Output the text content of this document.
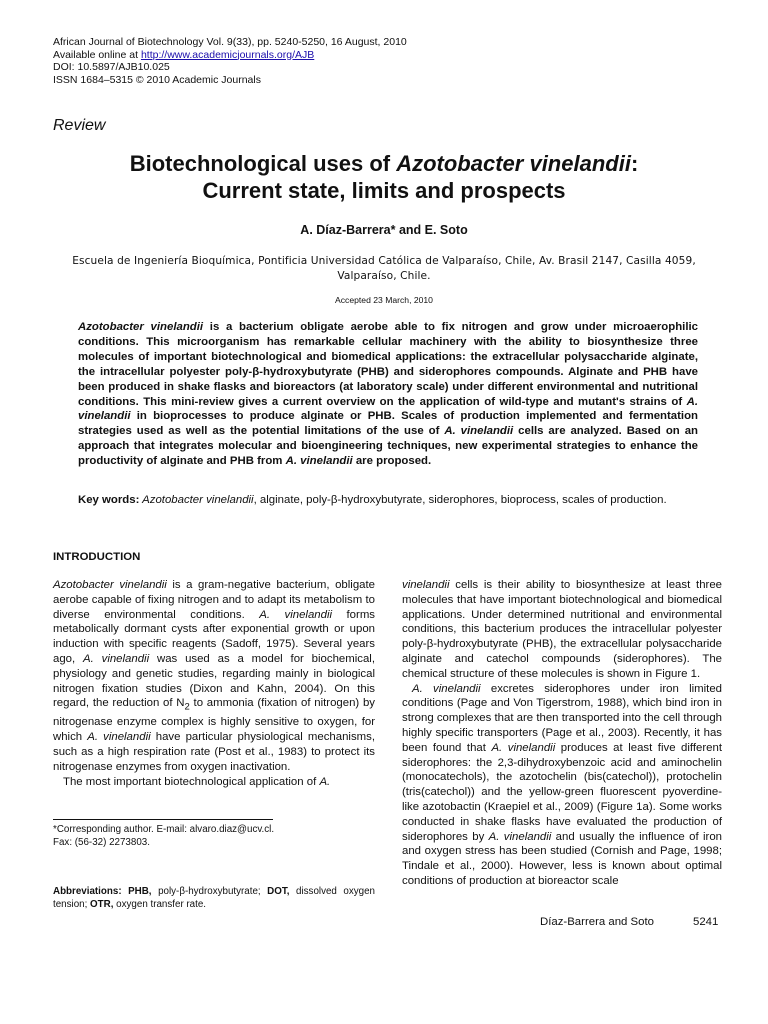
African Journal of Biotechnology Vol. 9(33), pp. 5240-5250, 16 August, 2010
Available online at http://www.academicjournals.org/AJB
DOI: 10.5897/AJB10.025
ISSN 1684–5315 © 2010 Academic Journals
Review
Biotechnological uses of Azotobacter vinelandii:
Current state, limits and prospects
A. Díaz-Barrera* and E. Soto
Escuela de Ingeniería Bioquímica, Pontificia Universidad Católica de Valparaíso, Chile, Av. Brasil 2147, Casilla 4059, Valparaíso, Chile.
Accepted 23 March, 2010
Azotobacter vinelandii is a bacterium obligate aerobe able to fix nitrogen and grow under microaerophilic conditions. This microorganism has remarkable cellular machinery with the ability to biosynthesize three molecules of important biotechnological and biomedical applications: the extracellular polysaccharide alginate, the intracellular polyester poly-β-hydroxybutyrate (PHB) and siderophores compounds. Alginate and PHB have been produced in shake flasks and bioreactors (at laboratory scale) under different environmental and nutritional conditions. This mini-review gives a current overview on the application of wild-type and mutant's strains of A. vinelandii in bioprocesses to produce alginate or PHB. Scales of production implemented and fermentation strategies used as well as the potential limitations of the use of A. vinelandii cells are analyzed. Based on an approach that integrates molecular and bioengineering techniques, new experimental strategies to enhance the productivity of alginate and PHB from A. vinelandii are proposed.
Key words: Azotobacter vinelandii, alginate, poly-β-hydroxybutyrate, siderophores, bioprocess, scales of production.
INTRODUCTION

Azotobacter vinelandii is a gram-negative bacterium, obligate aerobe capable of fixing nitrogen and to adapt its metabolism to diverse environmental conditions. A. vinelandii forms metabolically dormant cysts after exponential growth or upon induction with specific reagents (Sadoff, 1975). Several years ago, A. vinelandii was used as a model for biochemical, physiology and genetic studies, regarding mainly in biological nitrogen fixation studies (Dixon and Kahn, 2004). On this regard, the reduction of $N_2$ to ammonia (fixation of nitrogen) by nitrogenase enzyme complex is highly sensitive to oxygen, for which A. vinelandii have particular physiological mechanisms, such as a high respiration rate (Post et al., 1983) to protect its nitrogenase enzymes from oxygen inactivation.

The most important biotechnological application of A.

vinelandii cells is their ability to biosynthesize at least three molecules that have important biotechnological and biomedical applications. Under determined nutritional and environmental conditions, this bacterium produces the intracellular polyester poly-β-hydroxybutyrate (PHB), the extracellular polysaccharide alginate and catechol compounds (siderophores). The chemical structure of these molecules is shown in Figure 1.

A. vinelandii excretes siderophores under iron limited conditions (Page and Von Tigerstrom, 1988), which bind iron in strong complexes that are then transported into the cell through highly specific transporters (Page et al., 2003). Recently, it has been found that A. vinelandii produces at least five different siderophores: the 2,3-dihydroxybenzoic acid and aminochelin (monocatechols), the azotochelin (bis(catechol)), protochelin (tris(catechol)) and the yellow-green fluorescent pyoverdine-like azotobactin (Kraepiel et al., 2009) (Figure 1a). Some works conducted in shake flasks have evaluated the production of siderophores by A. vinelandii and usually the influence of iron and oxygen stress has been studied (Cornish and Page, 1998; Tindale et al., 2000). However, less is known about optimal conditions of production at bioreactor scale

*Corresponding author. E-mail: alvaro.diaz@ucv.cl.
Fax: (56-32) 2273803.
Abbreviations: PHB, poly-β-hydroxybutyrate; DOT, dissolved oxygen tension; OTR, oxygen transfer rate.
Díaz-Barrera and Soto	5241
